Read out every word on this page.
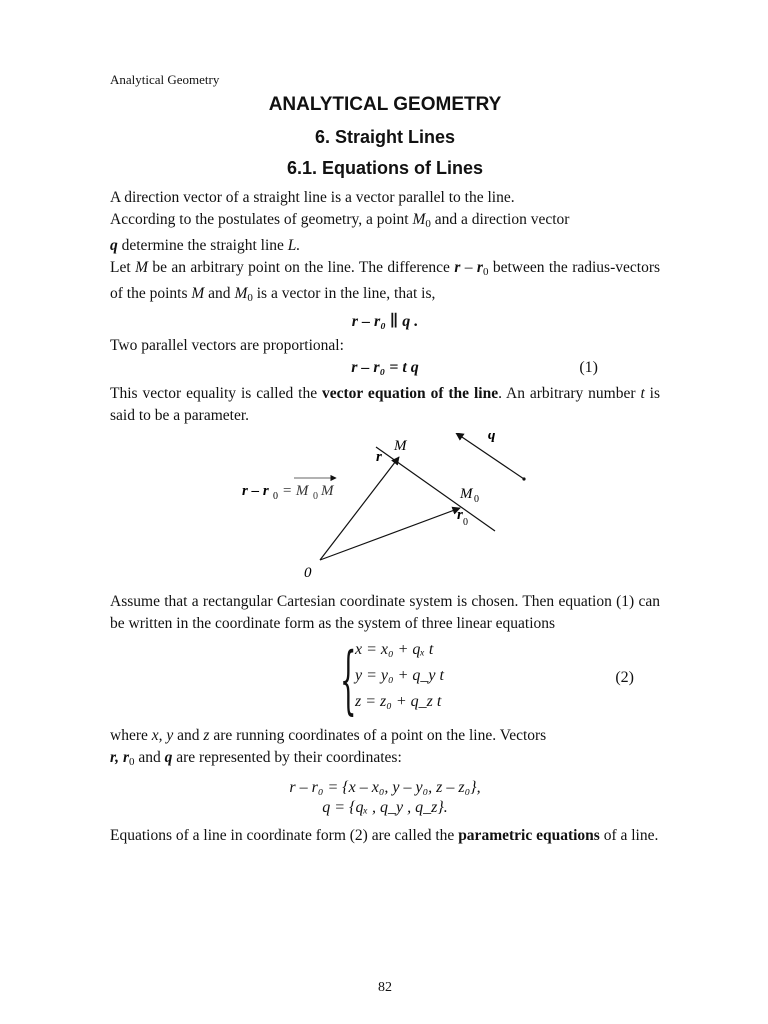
Analytical Geometry
ANALYTICAL GEOMETRY
6. Straight Lines
6.1. Equations of Lines

A direction vector of a straight line is a vector parallel to the line.

According to the postulates of geometry, a point $M_0$ and a direction vector
q determine the straight line L.

Let M be an arbitrary point on the line. The difference r – $r_0$ between the radius-vectors of the points M and $M_0$ is a vector in the line, that is,

r – r₀ ∥ q .

Two parallel vectors are proportional:

r – r₀ = t q	(1)

This vector equality is called the vector equation of the line. An arbitrary number t is said to be a parameter.

M
r
q
M 0
r 0
0
r – r 0 = M 0 M

Assume that a rectangular Cartesian coordinate system is chosen. Then equation (1) can be written in the coordinate form as the system of three linear equations

{
x = x₀ + qₓ t
y = y₀ + q_y t
z = z₀ + q_z t
(2)

where x, y and z are running coordinates of a point on the line. Vectors
r, $r_0$ and q are represented by their coordinates:

r – r₀ = {x – x₀, y – y₀, z – z₀},
q = {qₓ , q_y , q_z}.

Equations of a line in coordinate form (2) are called the parametric equations of a line.

82
